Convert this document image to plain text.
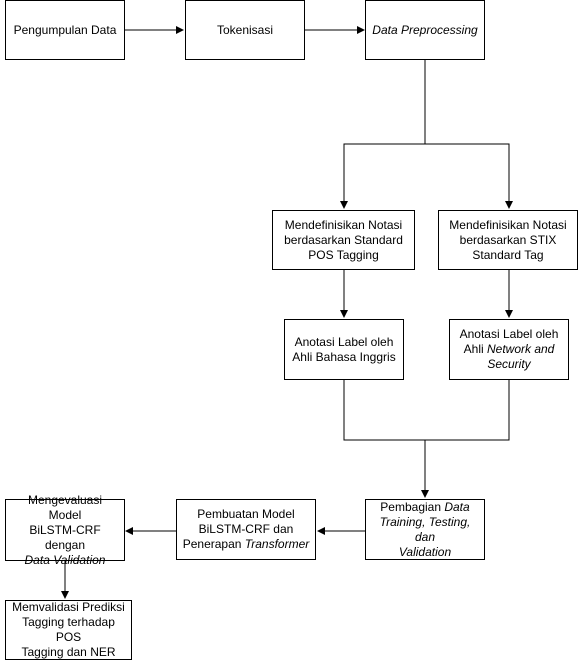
Pengumpulan Data	Tokenisasi	Data Preprocessing
Mendefinisikan Notasi
berdasarkan Standard
POS Tagging
Mendefinisikan Notasi
berdasarkan STIX
Standard Tag
Anotasi Label oleh
Ahli Bahasa Inggris
Anotasi Label oleh
Ahli Network and
Security
Pembagian Data
Training, Testing, dan
Validation
Pembuatan Model
BiLSTM-CRF dan
Penerapan Transformer
Mengevaluasi Model
BiLSTM-CRF dengan
Data Validation
Memvalidasi Prediksi
Tagging terhadap POS
Tagging dan NER
